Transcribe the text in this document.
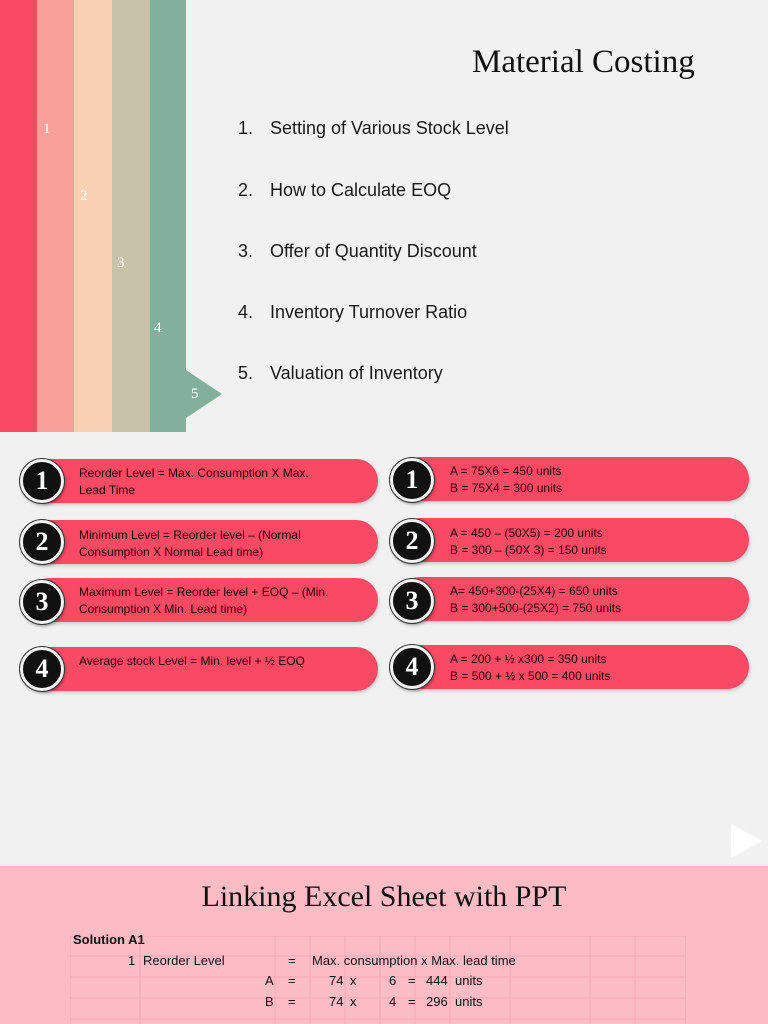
1
2
3
4
5
Material Costing
1. Setting of Various Stock Level
2. How to Calculate EOQ
3. Offer of Quantity Discount
4. Inventory Turnover Ratio
5. Valuation of Inventory
1	Reorder Level = Max. Consumption X Max.
Lead Time
2	Minimum Level = Reorder level – (Normal
Consumption X Normal Lead time)
3	Maximum Level = Reorder level + EOQ – (Min.
Consumption X Min. Lead time)
4	Average stock Level = Min. level + ½ EOQ
1	A = 75X6 = 450 units
B = 75X4 = 300 units
2	A = 450 – (50X5) = 200 units
B = 300 – (50X 3) = 150 units
3	A= 450+300-(25X4) = 650 units
B = 300+500-(25X2) = 750 units
4	A = 200 + ½ x300 = 350 units
B = 500 + ½ x 500 = 400 units
Linking Excel Sheet with PPT
Solution A1
1 Reorder Level	= Max. consumption x Max. lead time
A =	74 x	6 = 444 units
B =	74 x	4 = 296 units
